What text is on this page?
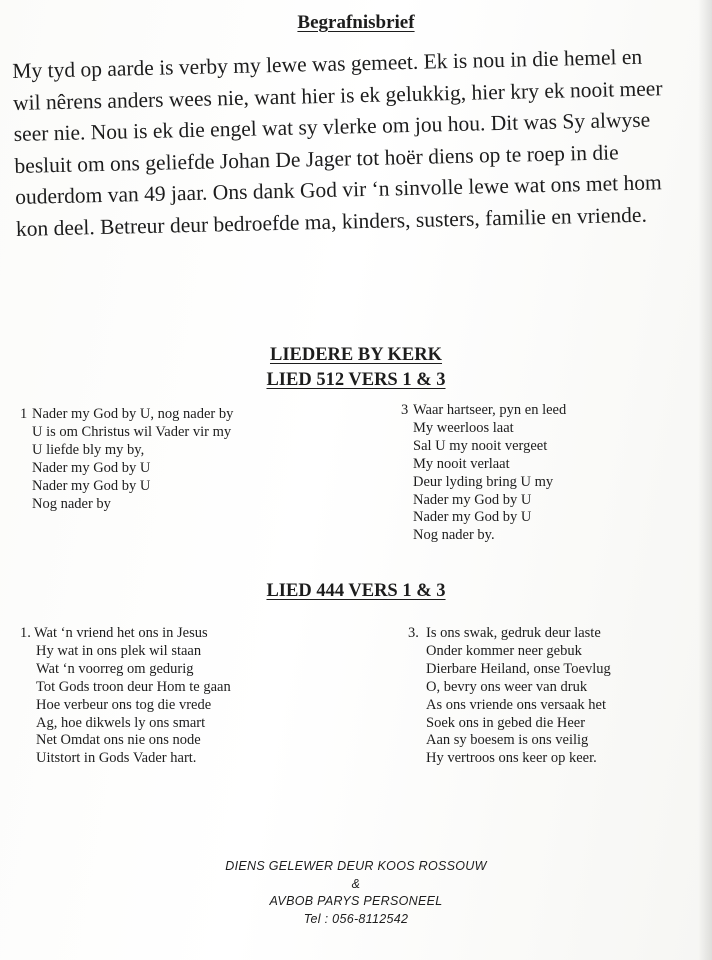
Begrafnisbrief

My tyd op aarde is verby my lewe was gemeet. Ek is nou in die hemel en wil nêrens anders wees nie, want hier is ek gelukkig, hier kry ek nooit meer seer nie. Nou is ek die engel wat sy vlerke om jou hou. Dit was Sy alwyse besluit om ons geliefde Johan De Jager tot hoër diens op te roep in die ouderdom van 49 jaar. Ons dank God vir ‘n sinvolle lewe wat ons met hom kon deel. Betreur deur bedroefde ma, kinders, susters, familie en vriende.

LIEDERE BY KERK
LIED 512 VERS 1 & 3
1 Nader my God by U, nog nader by
U is om Christus wil Vader vir my
U liefde bly my by,
Nader my God by U
Nader my God by U
Nog nader by
3 Waar hartseer, pyn en leed
My weerloos laat
Sal U my nooit vergeet
My nooit verlaat
Deur lyding bring U my
Nader my God by U
Nader my God by U
Nog nader by.
LIED 444 VERS 1 & 3
1. Wat ‘n vriend het ons in Jesus
Hy wat in ons plek wil staan
Wat ‘n voorreg om gedurig
Tot Gods troon deur Hom te gaan
Hoe verbeur ons tog die vrede
Ag, hoe dikwels ly ons smart
Net Omdat ons nie ons node
Uitstort in Gods Vader hart.
3. Is ons swak, gedruk deur laste
Onder kommer neer gebuk
Dierbare Heiland, onse Toevlug
O, bevry ons weer van druk
As ons vriende ons versaak het
Soek ons in gebed die Heer
Aan sy boesem is ons veilig
Hy vertroos ons keer op keer.
DIENS GELEWER DEUR KOOS ROSSOUW
&
AVBOB PARYS PERSONEEL
Tel : 056-8112542
